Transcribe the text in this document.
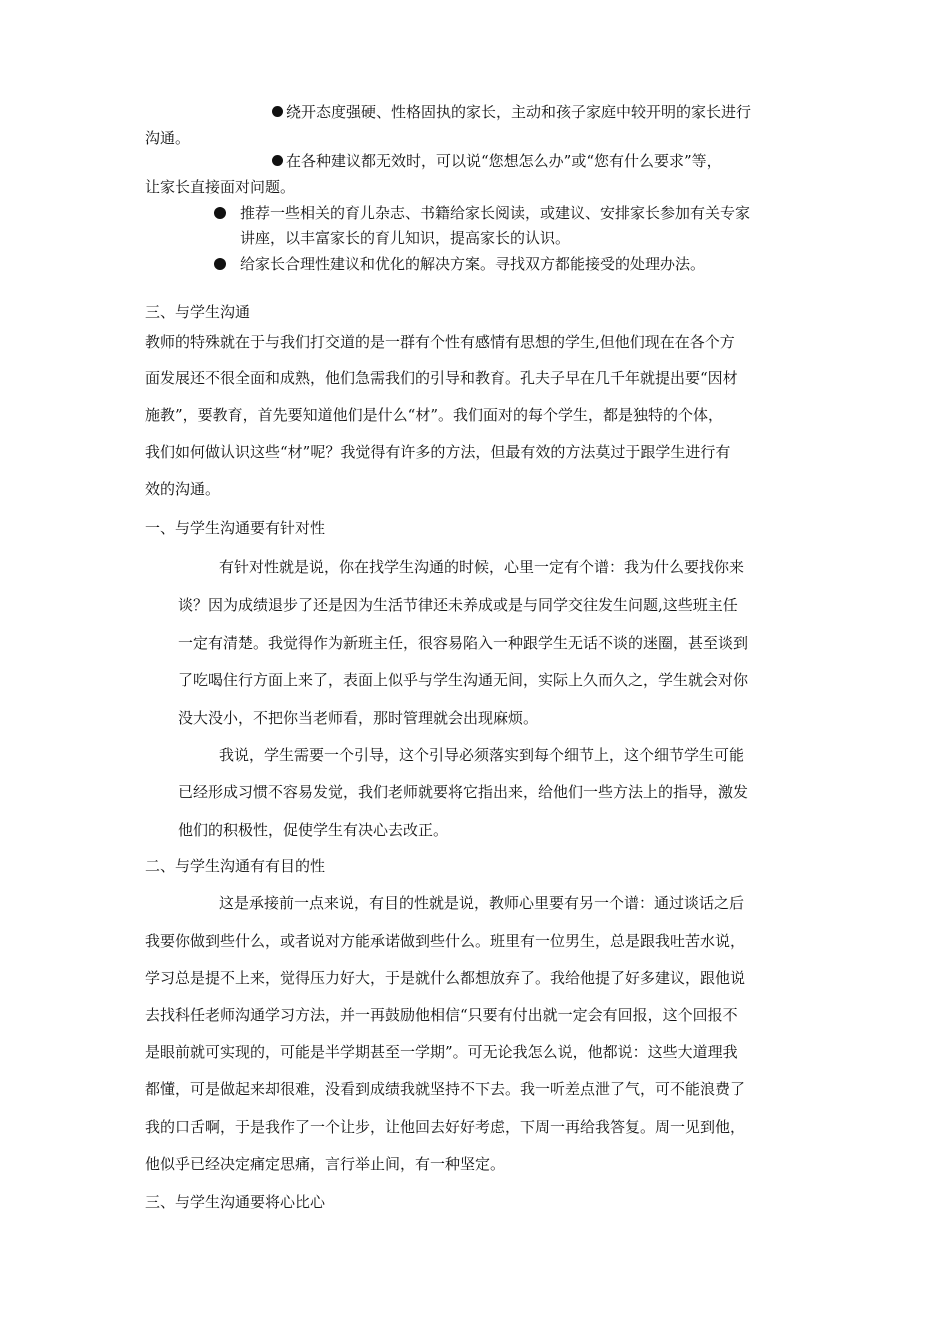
绕开态度强硬、性格固执的家长，主动和孩子家庭中较开明的家长进行
沟通。
在各种建议都无效时，可以说“您想怎么办”或“您有什么要求”等，
让家长直接面对问题。
推荐一些相关的育儿杂志、书籍给家长阅读，或建议、安排家长参加有关专家
讲座，以丰富家长的育儿知识，提高家长的认识。
给家长合理性建议和优化的解决方案。寻找双方都能接受的处理办法。
三、与学生沟通
教师的特殊就在于与我们打交道的是一群有个性有感情有思想的学生,但他们现在在各个方
面发展还不很全面和成熟，他们急需我们的引导和教育。孔夫子早在几千年就提出要“因材
施教”，要教育，首先要知道他们是什么“材”。我们面对的每个学生，都是独特的个体，
我们如何做认识这些“材”呢？我觉得有许多的方法，但最有效的方法莫过于跟学生进行有
效的沟通。
一、与学生沟通要有针对性
有针对性就是说，你在找学生沟通的时候，心里一定有个谱：我为什么要找你来
谈？因为成绩退步了还是因为生活节律还未养成或是与同学交往发生问题,这些班主任
一定有清楚。我觉得作为新班主任，很容易陷入一种跟学生无话不谈的迷圈，甚至谈到
了吃喝住行方面上来了，表面上似乎与学生沟通无间，实际上久而久之，学生就会对你
没大没小，不把你当老师看，那时管理就会出现麻烦。
我说，学生需要一个引导，这个引导必须落实到每个细节上，这个细节学生可能
已经形成习惯不容易发觉，我们老师就要将它指出来，给他们一些方法上的指导，激发
他们的积极性，促使学生有决心去改正。
二、与学生沟通有有目的性
这是承接前一点来说，有目的性就是说，教师心里要有另一个谱：通过谈话之后
我要你做到些什么，或者说对方能承诺做到些什么。班里有一位男生，总是跟我吐苦水说，
学习总是提不上来，觉得压力好大，于是就什么都想放弃了。我给他提了好多建议，跟他说
去找科任老师沟通学习方法，并一再鼓励他相信“只要有付出就一定会有回报，这个回报不
是眼前就可实现的，可能是半学期甚至一学期”。可无论我怎么说，他都说：这些大道理我
都懂，可是做起来却很难，没看到成绩我就坚持不下去。我一听差点泄了气，可不能浪费了
我的口舌啊，于是我作了一个让步，让他回去好好考虑，下周一再给我答复。周一见到他，
他似乎已经决定痛定思痛，言行举止间，有一种坚定。
三、与学生沟通要将心比心
